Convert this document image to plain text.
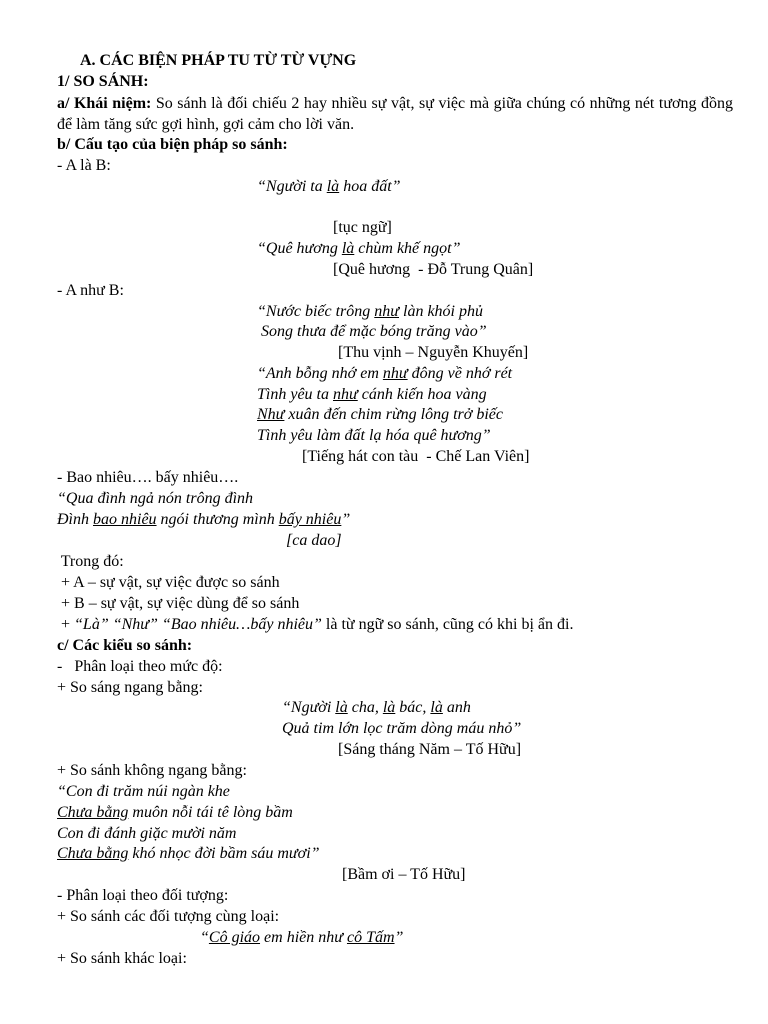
A. CÁC BIỆN PHÁP TU TỪ TỪ VỰNG
1/ SO SÁNH:
a/ Khái niệm: So sánh là đối chiếu 2 hay nhiều sự vật, sự việc mà giữa chúng có những nét tương đồng để làm tăng sức gợi hình, gợi cảm cho lời văn.
b/ Cấu tạo của biện pháp so sánh:
- A là B:
“Người ta là hoa đất”
[tục ngữ]
“Quê hương là chùm khế ngọt”
[Quê hương  - Đỗ Trung Quân]
- A như B:
“Nước biếc trông như làn khói phủ
Song thưa để mặc bóng trăng vào”
[Thu vịnh – Nguyễn Khuyến]
“Anh bỗng nhớ em như đông về nhớ rét
Tình yêu ta như cánh kiến hoa vàng
Như xuân đến chim rừng lông trở biếc
Tình yêu làm đất lạ hóa quê hương”
[Tiếng hát con tàu  - Chế Lan Viên]
- Bao nhiêu…. bấy nhiêu….
“Qua đình ngả nón trông đình
Đình bao nhiêu ngói thương mình bấy nhiêu”
[ca dao]
Trong đó:
+ A – sự vật, sự việc được so sánh
+ B – sự vật, sự việc dùng để so sánh
+ “Là” “Như” “Bao nhiêu…bấy nhiêu” là từ ngữ so sánh, cũng có khi bị ẩn đi.
c/ Các kiểu so sánh:
-   Phân loại theo mức độ:
+ So sáng ngang bằng:
“Người là cha, là bác, là anh
Quả tim lớn lọc trăm dòng máu nhỏ”
[Sáng tháng Năm – Tố Hữu]
+ So sánh không ngang bằng:
“Con đi trăm núi ngàn khe
Chưa bằng muôn nỗi tái tê lòng bầm
Con đi đánh giặc mười năm
Chưa bằng khó nhọc đời bầm sáu mươi”
[Bầm ơi – Tố Hữu]
- Phân loại theo đối tượng:
+ So sánh các đối tượng cùng loại:
“Cô giáo em hiền như cô Tấm”
+ So sánh khác loại:
